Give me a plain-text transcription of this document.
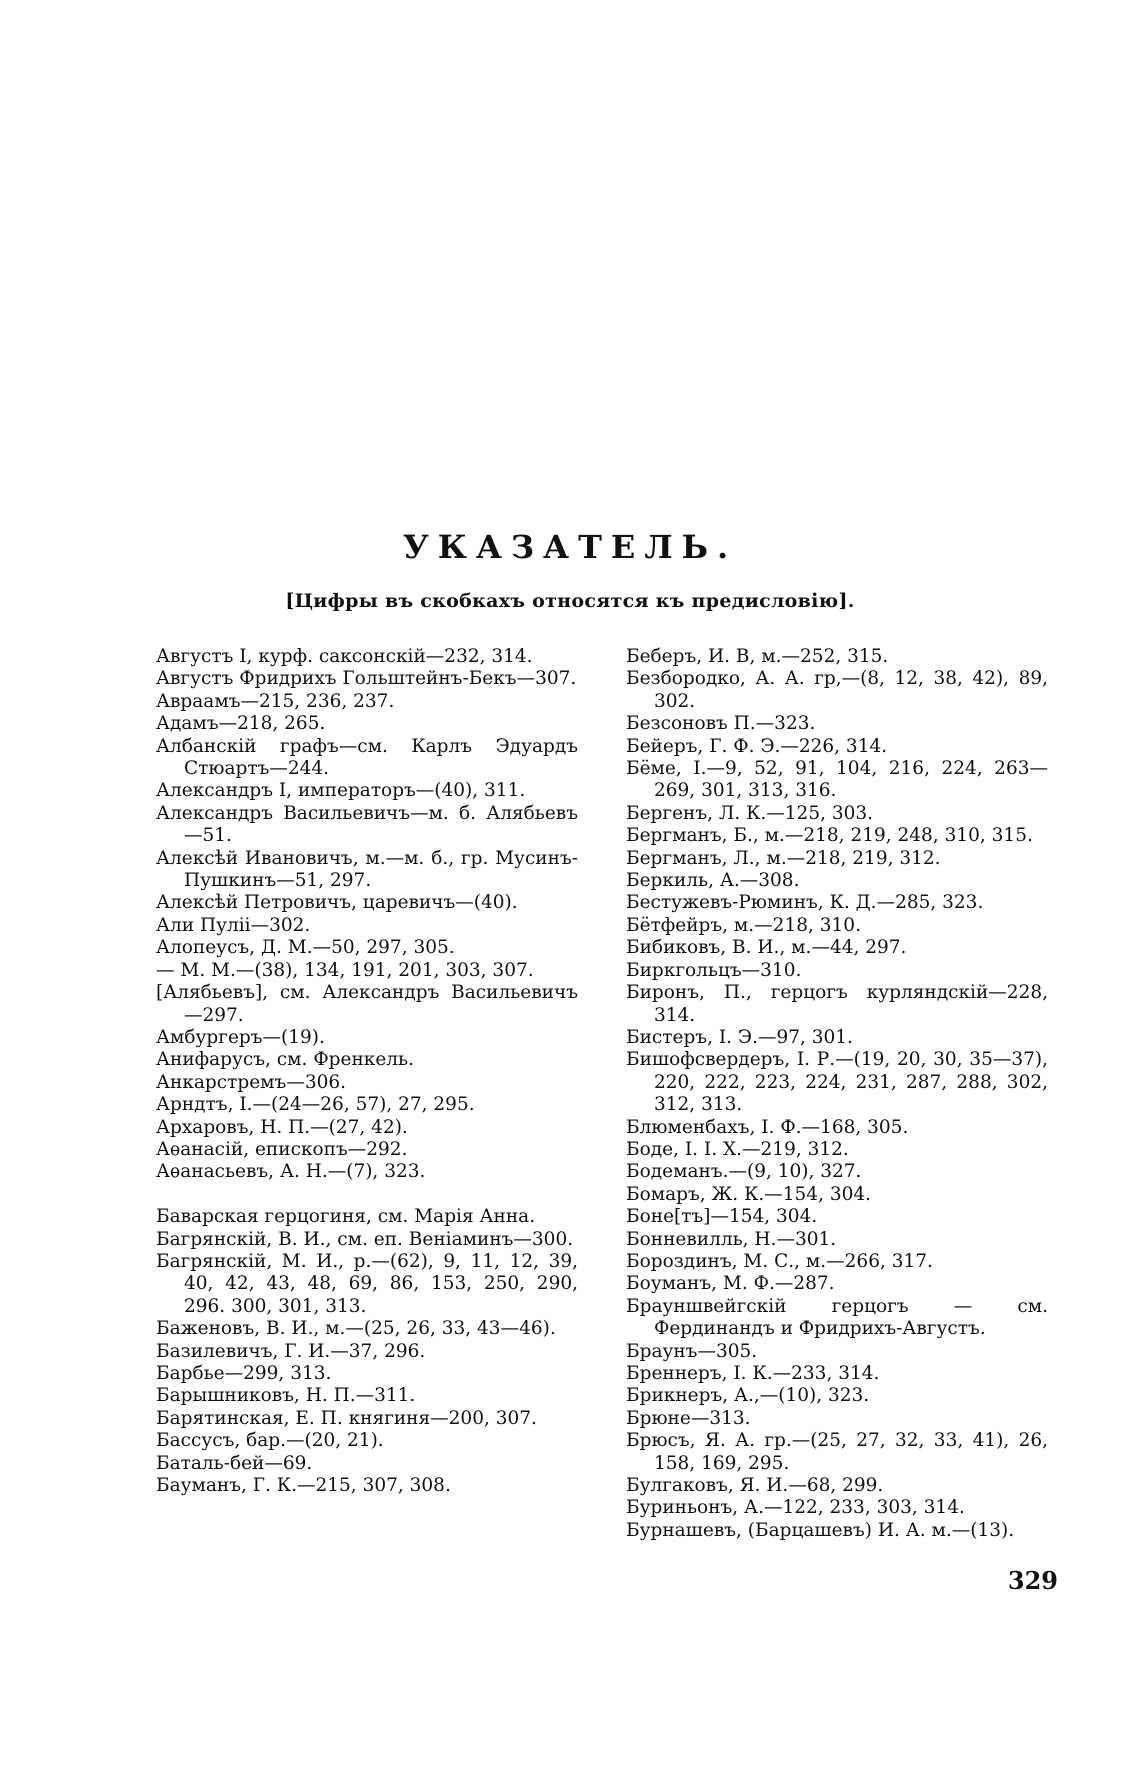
УКАЗАТЕЛЬ.
[Цифры въ скобкахъ относятся къ предисловію].
Августъ I, курф. саксонскій—232, 314.
Августъ Фридрихъ Гольштейнъ-Бекъ—307.
Авраамъ—215, 236, 237.
Адамъ—218, 265.
Албанскій графъ—см. Карлъ Эдуардъ Стюартъ—244.
Александръ I, императоръ—(40), 311.
Александръ Васильевичъ—м. б. Алябьевъ—51.
Алексѣй Ивановичъ, м.—м. б., гр. Мусинъ-Пушкинъ—51, 297.
Алексѣй Петровичъ, царевичъ—(40).
Али Пуліі—302.
Алопеусъ, Д. М.—50, 297, 305.
— М. М.—(38), 134, 191, 201, 303, 307.
[Алябьевъ], см. Александръ Васильевичъ—297.
Амбургеръ—(19).
Анифарусъ, см. Френкель.
Анкарстремъ—306.
Арндтъ, I.—(24—26, 57), 27, 295.
Архаровъ, Н. П.—(27, 42).
Аѳанасій, епископъ—292.
Аѳанасьевъ, А. Н.—(7), 323.
Баварская герцогиня, см. Марія Анна.
Багрянскій, В. И., см. еп. Веніаминъ—300.
Багрянскій, М. И., р.—(62), 9, 11, 12, 39, 40, 42, 43, 48, 69, 86, 153, 250, 290, 296. 300, 301, 313.
Баженовъ, В. И., м.—(25, 26, 33, 43—46).
Базилевичъ, Г. И.—37, 296.
Барбье—299, 313.
Барышниковъ, Н. П.—311.
Барятинская, Е. П. княгиня—200, 307.
Бассусъ, бар.—(20, 21).
Баталь-бей—69.
Бауманъ, Г. К.—215, 307, 308.
Беберъ, И. В, м.—252, 315.
Безбородко, А. А. гр,—(8, 12, 38, 42), 89, 302.
Безсоновъ П.—323.
Бейеръ, Г. Ф. Э.—226, 314.
Бёме, I.—9, 52, 91, 104, 216, 224, 263—269, 301, 313, 316.
Бергенъ, Л. К.—125, 303.
Бергманъ, Б., м.—218, 219, 248, 310, 315.
Бергманъ, Л., м.—218, 219, 312.
Беркиль, А.—308.
Бестужевъ-Рюминъ, К. Д.—285, 323.
Бётфейръ, м.—218, 310.
Бибиковъ, В. И., м.—44, 297.
Биркгольцъ—310.
Биронъ, П., герцогъ курляндскій—228, 314.
Бистеръ, I. Э.—97, 301.
Бишофсвердеръ, I. Р.—(19, 20, 30, 35—37), 220, 222, 223, 224, 231, 287, 288, 302, 312, 313.
Блюменбахъ, I. Ф.—168, 305.
Боде, I. I. Х.—219, 312.
Бодеманъ.—(9, 10), 327.
Бомаръ, Ж. К.—154, 304.
Боне[тъ]—154, 304.
Бонневилль, Н.—301.
Бороздинъ, М. С., м.—266, 317.
Боуманъ, М. Ф.—287.
Брауншвейгскій герцогъ — см. Фердинандъ и Фридрихъ-Августъ.
Браунъ—305.
Бреннеръ, I. К.—233, 314.
Брикнеръ, А.,—(10), 323.
Брюне—313.
Брюсъ, Я. А. гр.—(25, 27, 32, 33, 41), 26, 158, 169, 295.
Булгаковъ, Я. И.—68, 299.
Буриньонъ, А.—122, 233, 303, 314.
Бурнашевъ, (Барцашевъ) И. А. м.—(13).
329
